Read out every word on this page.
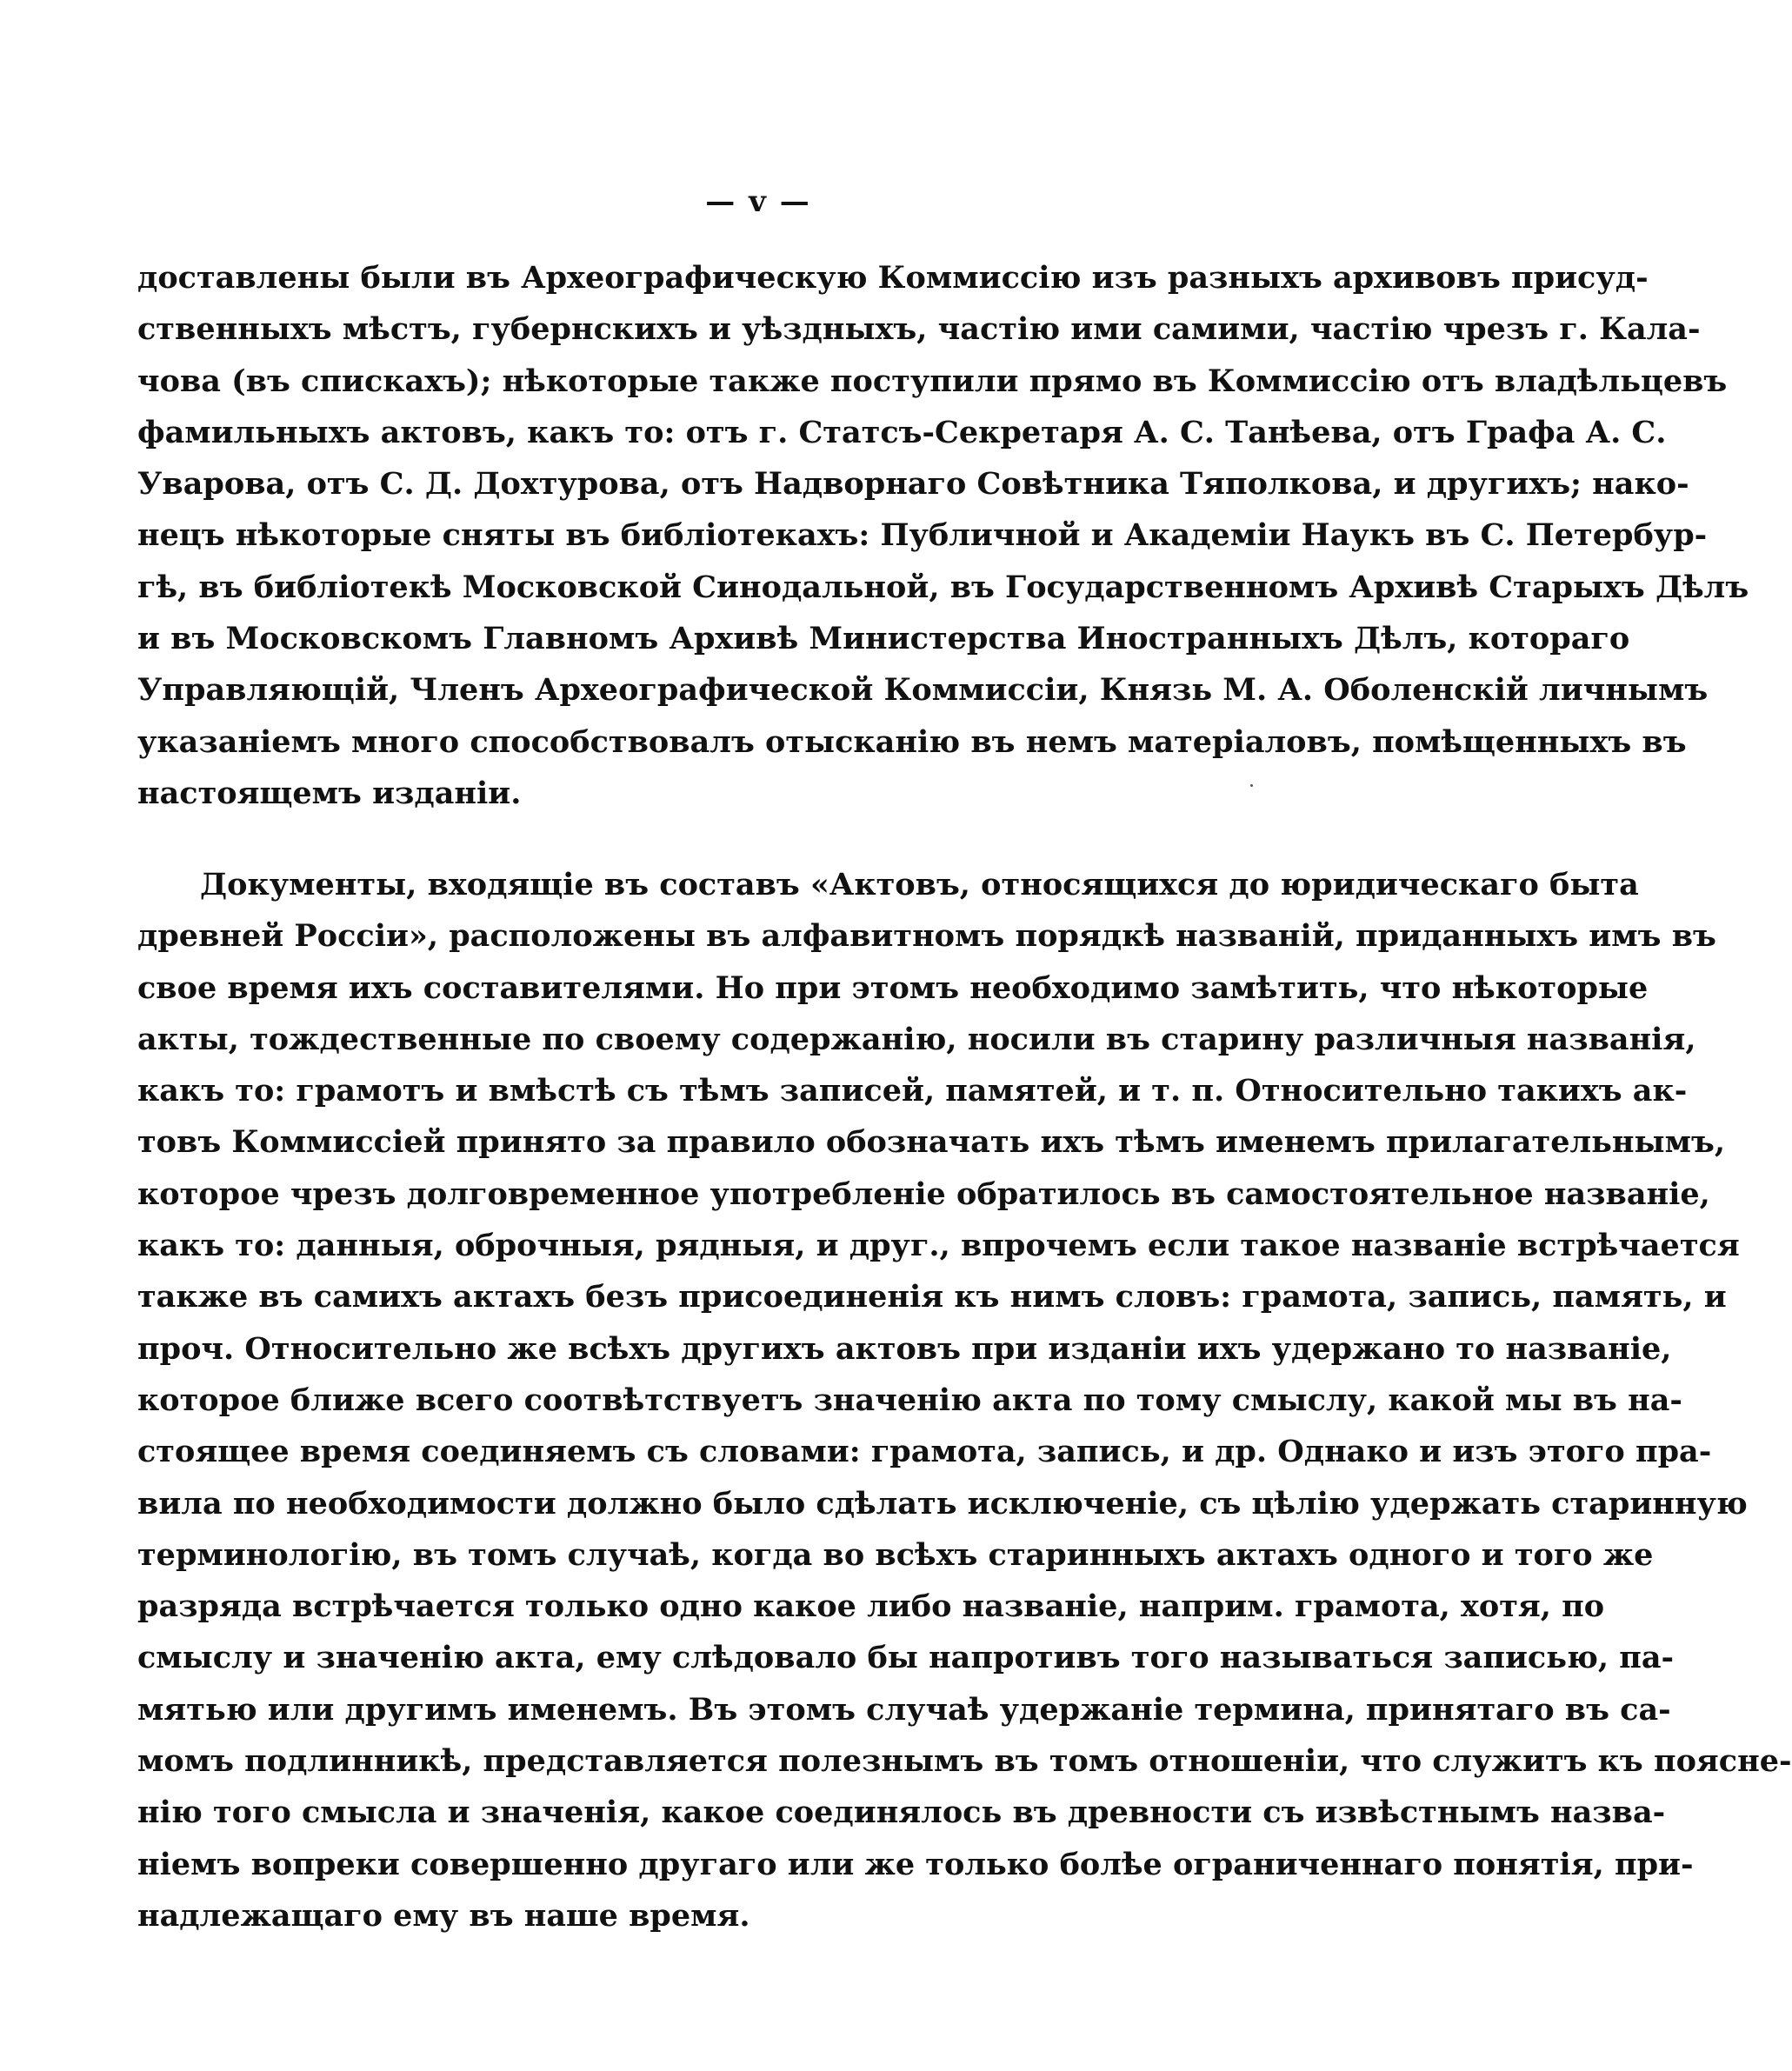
— v —
доставлены были въ Археографическую Коммиссiю изъ разныхъ архивовъ присуд-
ственныхъ мѣстъ, губернскихъ и уѣздныхъ, частiю ими самими, частiю чрезъ г. Кала-
чова (въ спискахъ); нѣкоторые также поступили прямо въ Коммиссiю отъ владѣльцевъ
фамильныхъ актовъ, какъ то: отъ г. Статсъ-Секретаря А. С. Танѣева, отъ Графа А. С.
Уварова, отъ С. Д. Дохтурова, отъ Надворнаго Совѣтника Тяполкова, и другихъ; нако-
нецъ нѣкоторые сняты въ библiотекахъ: Публичной и Академiи Наукъ въ С. Петербур-
гѣ, въ библiотекѣ Московской Синодальной, въ Государственномъ Архивѣ Старыхъ Дѣлъ
и въ Московскомъ Главномъ Архивѣ Министерства Иностранныхъ Дѣлъ, котораго
Управляющiй, Членъ Археографической Коммиссiи, Князь М. А. Оболенскiй личнымъ
указанiемъ много способствовалъ отысканiю въ немъ матерiаловъ, помѣщенныхъ въ
настоящемъ изданiи.
Документы, входящiе въ составъ «Актовъ, относящихся до юридическаго быта
древней Россiи», расположены въ алфавитномъ порядкѣ названiй, приданныхъ имъ въ
свое время ихъ составителями. Но при этомъ необходимо замѣтить, что нѣкоторые
акты, тождественные по своему содержанiю, носили въ старину различныя названiя,
какъ то: грамотъ и вмѣстѣ съ тѣмъ записей, памятей, и т. п. Относительно такихъ ак-
товъ Коммиссiей принято за правило обозначать ихъ тѣмъ именемъ прилагательнымъ,
которое чрезъ долговременное употребленiе обратилось въ самостоятельное названiе,
какъ то: данныя, оброчныя, рядныя, и друг., впрочемъ если такое названiе встрѣчается
также въ самихъ актахъ безъ присоединенiя къ нимъ словъ: грамота, запись, память, и
проч. Относительно же всѣхъ другихъ актовъ при изданiи ихъ удержано то названiе,
которое ближе всего соотвѣтствуетъ значенiю акта по тому смыслу, какой мы въ на-
стоящее время соединяемъ съ словами: грамота, запись, и др. Однако и изъ этого пра-
вила по необходимости должно было сдѣлать исключенiе, съ цѣлiю удержать старинную
терминологiю, въ томъ случаѣ, когда во всѣхъ старинныхъ актахъ одного и того же
разряда встрѣчается только одно какое либо названiе, наприм. грамота, хотя, по
смыслу и значенiю акта, ему слѣдовало бы напротивъ того называться записью, па-
мятью или другимъ именемъ. Въ этомъ случаѣ удержанiе термина, принятаго въ са-
момъ подлинникѣ, представляется полезнымъ въ томъ отношенiи, что служитъ къ поясне-
нiю того смысла и значенiя, какое соединялось въ древности съ извѣстнымъ назва-
нiемъ вопреки совершенно другаго или же только болѣе ограниченнаго понятiя, при-
надлежащаго ему въ наше время.
